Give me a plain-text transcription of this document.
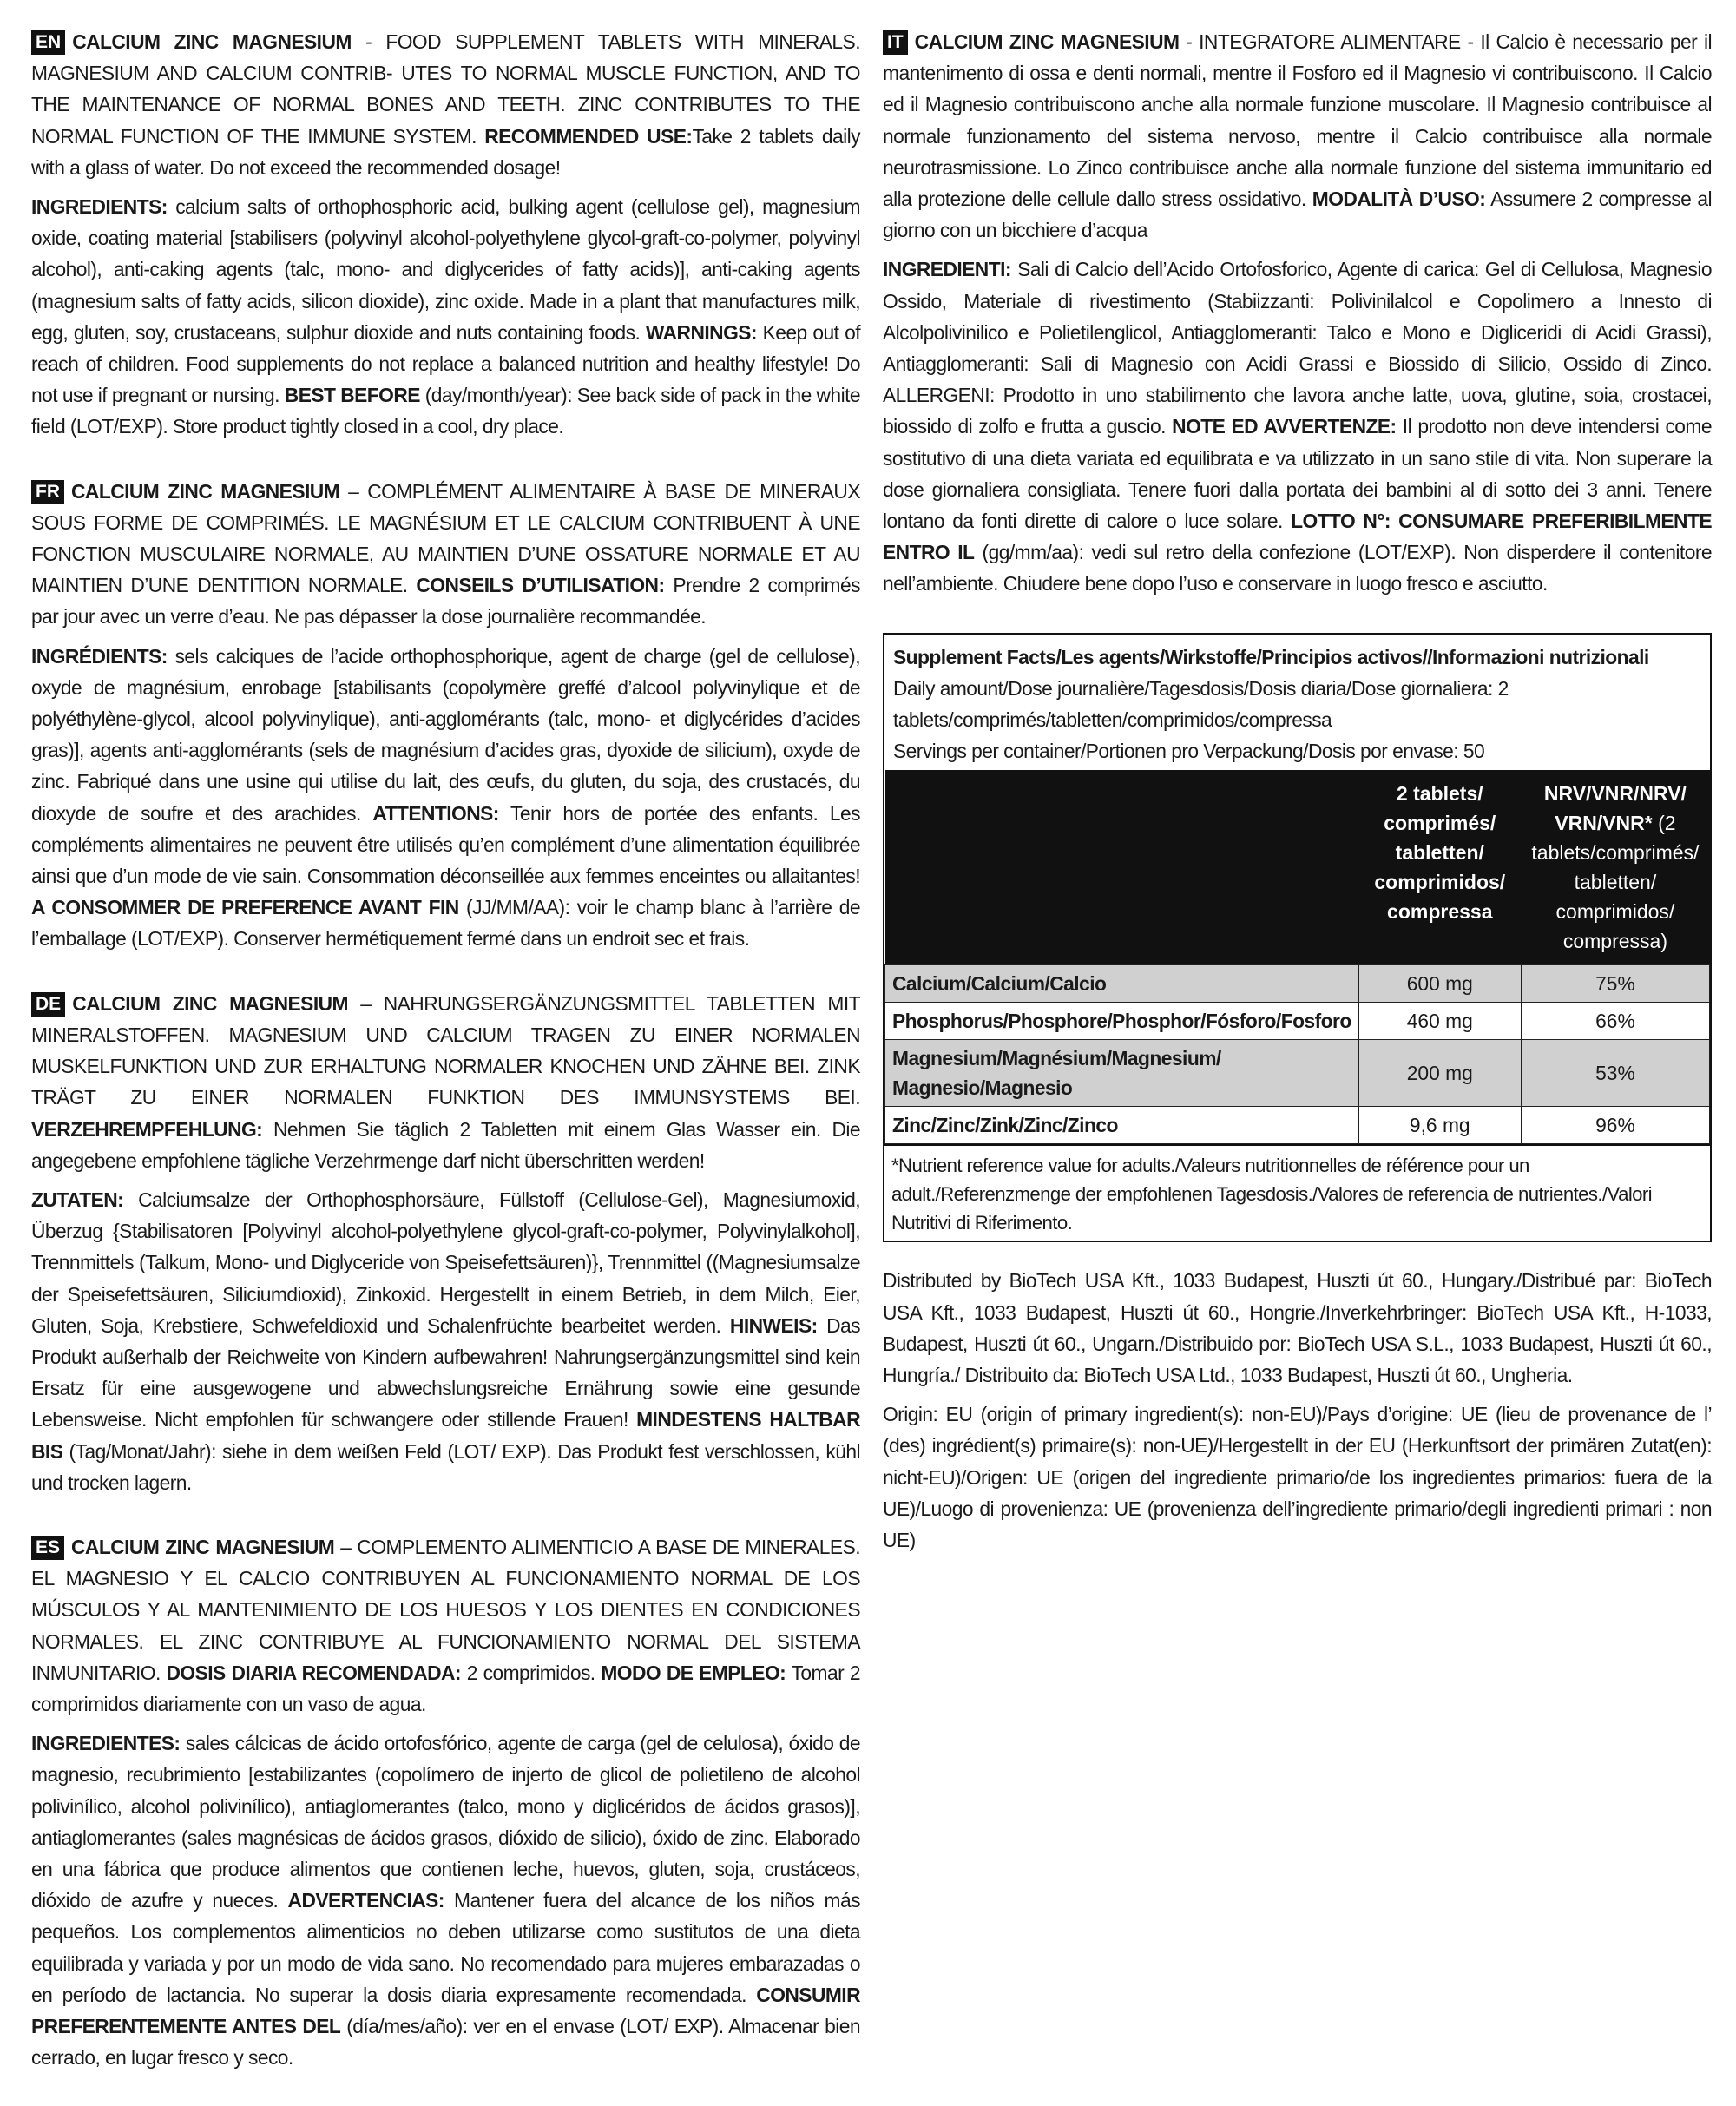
EN CALCIUM ZINC MAGNESIUM - FOOD SUPPLEMENT TABLETS WITH MINERALS. MAGNESIUM AND CALCIUM CONTRIB- UTES TO NORMAL MUSCLE FUNCTION, AND TO THE MAINTENANCE OF NORMAL BONES AND TEETH. ZINC CONTRIBUTES TO THE NORMAL FUNCTION OF THE IMMUNE SYSTEM. RECOMMENDED USE:Take 2 tablets daily with a glass of water. Do not exceed the recommended dosage!

INGREDIENTS: calcium salts of orthophosphoric acid, bulking agent (cellulose gel), magnesium oxide, coating material [stabilisers (polyvinyl alcohol-polyethylene glycol-graft-co-polymer, polyvinyl alcohol), anti-caking agents (talc, mono- and diglycerides of fatty acids)], anti-caking agents (magnesium salts of fatty acids, silicon dioxide), zinc oxide. Made in a plant that manufactures milk, egg, gluten, soy, crustaceans, sulphur dioxide and nuts containing foods. WARNINGS: Keep out of reach of children. Food supplements do not replace a balanced nutrition and healthy lifestyle! Do not use if pregnant or nursing. BEST BEFORE (day/month/year): See back side of pack in the white field (LOT/EXP). Store product tightly closed in a cool, dry place.

FR CALCIUM ZINC MAGNESIUM – COMPLÉMENT ALIMENTAIRE À BASE DE MINERAUX SOUS FORME DE COMPRIMÉS. LE MAGNÉSIUM ET LE CALCIUM CONTRIBUENT À UNE FONCTION MUSCULAIRE NORMALE, AU MAINTIEN D’UNE OSSATURE NORMALE ET AU MAINTIEN D’UNE DENTITION NORMALE. CONSEILS D’UTILISATION: Prendre 2 comprimés par jour avec un verre d’eau. Ne pas dépasser la dose journalière recommandée.

INGRÉDIENTS: sels calciques de l’acide orthophosphorique, agent de charge (gel de cellulose), oxyde de magnésium, enrobage [stabilisants (copolymère greffé d’alcool polyvinylique et de polyéthylène-glycol, alcool polyvinylique), anti-agglomérants (talc, mono- et diglycérides d’acides gras)], agents anti-agglomérants (sels de magnésium d’acides gras, dyoxide de silicium), oxyde de zinc. Fabriqué dans une usine qui utilise du lait, des œufs, du gluten, du soja, des crustacés, du dioxyde de soufre et des arachides. ATTENTIONS: Tenir hors de portée des enfants. Les compléments alimentaires ne peuvent être utilisés qu’en complément d’une alimentation équilibrée ainsi que d’un mode de vie sain. Consommation déconseillée aux femmes enceintes ou allaitantes! A CONSOMMER DE PREFERENCE AVANT FIN (JJ/MM/AA): voir le champ blanc à l’arrière de l’emballage (LOT/EXP). Conserver hermétiquement fermé dans un endroit sec et frais.

DE CALCIUM ZINC MAGNESIUM – NAHRUNGSERGÄNZUNGSMITTEL TABLETTEN MIT MINERALSTOFFEN. MAGNESIUM UND CALCIUM TRAGEN ZU EINER NORMALEN MUSKELFUNKTION UND ZUR ERHALTUNG NORMALER KNOCHEN UND ZÄHNE BEI. ZINK TRÄGT ZU EINER NORMALEN FUNKTION DES IMMUNSYSTEMS BEI. VERZEHREMPFEHLUNG: Nehmen Sie täglich 2 Tabletten mit einem Glas Wasser ein. Die angegebene empfohlene tägliche Verzehrmenge darf nicht überschritten werden!

ZUTATEN: Calciumsalze der Orthophosphorsäure, Füllstoff (Cellulose-Gel), Magnesiumoxid, Überzug {Stabilisatoren [Polyvinyl alcohol-polyethylene glycol-graft-co-polymer, Polyvinylalkohol], Trennmittels (Talkum, Mono- und Diglyceride von Speisefettsäuren)}, Trennmittel ((Magnesiumsalze der Speisefettsäuren, Siliciumdioxid), Zinkoxid. Hergestellt in einem Betrieb, in dem Milch, Eier, Gluten, Soja, Krebstiere, Schwefeldioxid und Schalenfrüchte bearbeitet werden. HINWEIS: Das Produkt außerhalb der Reichweite von Kindern aufbewahren! Nahrungsergänzungsmittel sind kein Ersatz für eine ausgewogene und abwechslungsreiche Ernährung sowie eine gesunde Lebensweise. Nicht empfohlen für schwangere oder stillende Frauen! MINDESTENS HALTBAR BIS (Tag/Monat/Jahr): siehe in dem weißen Feld (LOT/ EXP). Das Produkt fest verschlossen, kühl und trocken lagern.

ES CALCIUM ZINC MAGNESIUM – COMPLEMENTO ALIMENTICIO A BASE DE MINERALES. EL MAGNESIO Y EL CALCIO CONTRIBUYEN AL FUNCIONAMIENTO NORMAL DE LOS MÚSCULOS Y AL MANTENIMIENTO DE LOS HUESOS Y LOS DIENTES EN CONDICIONES NORMALES. EL ZINC CONTRIBUYE AL FUNCIONAMIENTO NORMAL DEL SISTEMA INMUNITARIO. DOSIS DIARIA RECOMENDADA: 2 comprimidos. MODO DE EMPLEO: Tomar 2 comprimidos diariamente con un vaso de agua.

INGREDIENTES: sales cálcicas de ácido ortofosfórico, agente de carga (gel de celulosa), óxido de magnesio, recubrimiento [estabilizantes (copolímero de injerto de glicol de polietileno de alcohol polivinílico, alcohol polivinílico), antiaglomerantes (talco, mono y diglicéridos de ácidos grasos)], antiaglomerantes (sales magnésicas de ácidos grasos, dióxido de silicio), óxido de zinc. Elaborado en una fábrica que produce alimentos que contienen leche, huevos, gluten, soja, crustáceos, dióxido de azufre y nueces. ADVERTENCIAS: Mantener fuera del alcance de los niños más pequeños. Los complementos alimenticios no deben utilizarse como sustitutos de una dieta equilibrada y variada y por un modo de vida sano. No recomendado para mujeres embarazadas o en período de lactancia. No superar la dosis diaria expresamente recomendada. CONSUMIR PREFERENTEMENTE ANTES DEL (día/mes/año): ver en el envase (LOT/ EXP). Almacenar bien cerrado, en lugar fresco y seco.

IT CALCIUM ZINC MAGNESIUM - INTEGRATORE ALIMENTARE - Il Calcio è necessario per il mantenimento di ossa e denti normali, mentre il Fosforo ed il Magnesio vi contribuiscono. Il Calcio ed il Magnesio contribuiscono anche alla normale funzione muscolare. Il Magnesio contribuisce al normale funzionamento del sistema nervoso, mentre il Calcio contribuisce alla normale neurotrasmissione. Lo Zinco contribuisce anche alla normale funzione del sistema immunitario ed alla protezione delle cellule dallo stress ossidativo. MODALITÀ D’USO: Assumere 2 compresse al giorno con un bicchiere d’acqua

INGREDIENTI: Sali di Calcio dell’Acido Ortofosforico, Agente di carica: Gel di Cellulosa, Magnesio Ossido, Materiale di rivestimento (Stabiizzanti: Polivinilalcol e Copolimero a Innesto di Alcolpolivinilico e Polietilenglicol, Antiagglomeranti: Talco e Mono e Digliceridi di Acidi Grassi), Antiagglomeranti: Sali di Magnesio con Acidi Grassi e Biossido di Silicio, Ossido di Zinco. ALLERGENI: Prodotto in uno stabilimento che lavora anche latte, uova, glutine, soia, crostacei, biossido di zolfo e frutta a guscio. NOTE ED AVVERTENZE: Il prodotto non deve intendersi come sostitutivo di una dieta variata ed equilibrata e va utilizzato in un sano stile di vita. Non superare la dose giornaliera consigliata. Tenere fuori dalla portata dei bambini al di sotto dei 3 anni. Tenere lontano da fonti dirette di calore o luce solare. LOTTO N°: CONSUMARE PREFERIBILMENTE ENTRO IL (gg/mm/aa): vedi sul retro della confezione (LOT/EXP). Non disperdere il contenitore nell’ambiente. Chiudere bene dopo l’uso e conservare in luogo fresco e asciutto.

Supplement Facts/Les agents/Wirkstoffe/Principios activos//Informazioni nutrizionali
Daily amount/Dose journalière/Tagesdosis/Dosis diaria/Dose giornaliera: 2 tablets/comprimés/tabletten/comprimidos/compressa
Servings per container/Portionen pro Verpackung/Dosis por envase: 50
	2 tablets/ comprimés/ tabletten/ comprimidos/ compressa	NRV/VNR/NRV/ VRN/VNR* (2 tablets/comprimés/ tabletten/ comprimidos/ compressa)
Calcium/Calcium/Calcio	600 mg	75%
Phosphorus/Phosphore/Phosphor/Fósforo/Fosforo	460 mg	66%
Magnesium/Magnésium/Magnesium/ Magnesio/Magnesio	200 mg	53%
Zinc/Zinc/Zink/Zinc/Zinco	9,6 mg	96%
*Nutrient reference value for adults./Valeurs nutritionnelles de référence pour un adult./Referenzmenge der empfohlenen Tagesdosis./Valores de referencia de nutrientes./Valori Nutritivi di Riferimento.

Distributed by BioTech USA Kft., 1033 Budapest, Huszti út 60., Hungary./Distribué par: BioTech USA Kft., 1033 Budapest, Huszti út 60., Hongrie./Inverkehrbringer: BioTech USA Kft., H-1033, Budapest, Huszti út 60., Ungarn./Distribuido por: BioTech USA S.L., 1033 Budapest, Huszti út 60., Hungría./ Distribuito da: BioTech USA Ltd., 1033 Budapest, Huszti út 60., Ungheria.

Origin: EU (origin of primary ingredient(s): non-EU)/Pays d’origine: UE (lieu de provenance de l’ (des) ingrédient(s) primaire(s): non-UE)/Hergestellt in der EU (Herkunftsort der primären Zutat(en): nicht-EU)/Origen: UE (origen del ingrediente primario/de los ingredientes primarios: fuera de la UE)/Luogo di provenienza: UE (provenienza dell’ingrediente primario/degli ingredienti primari : non UE)
